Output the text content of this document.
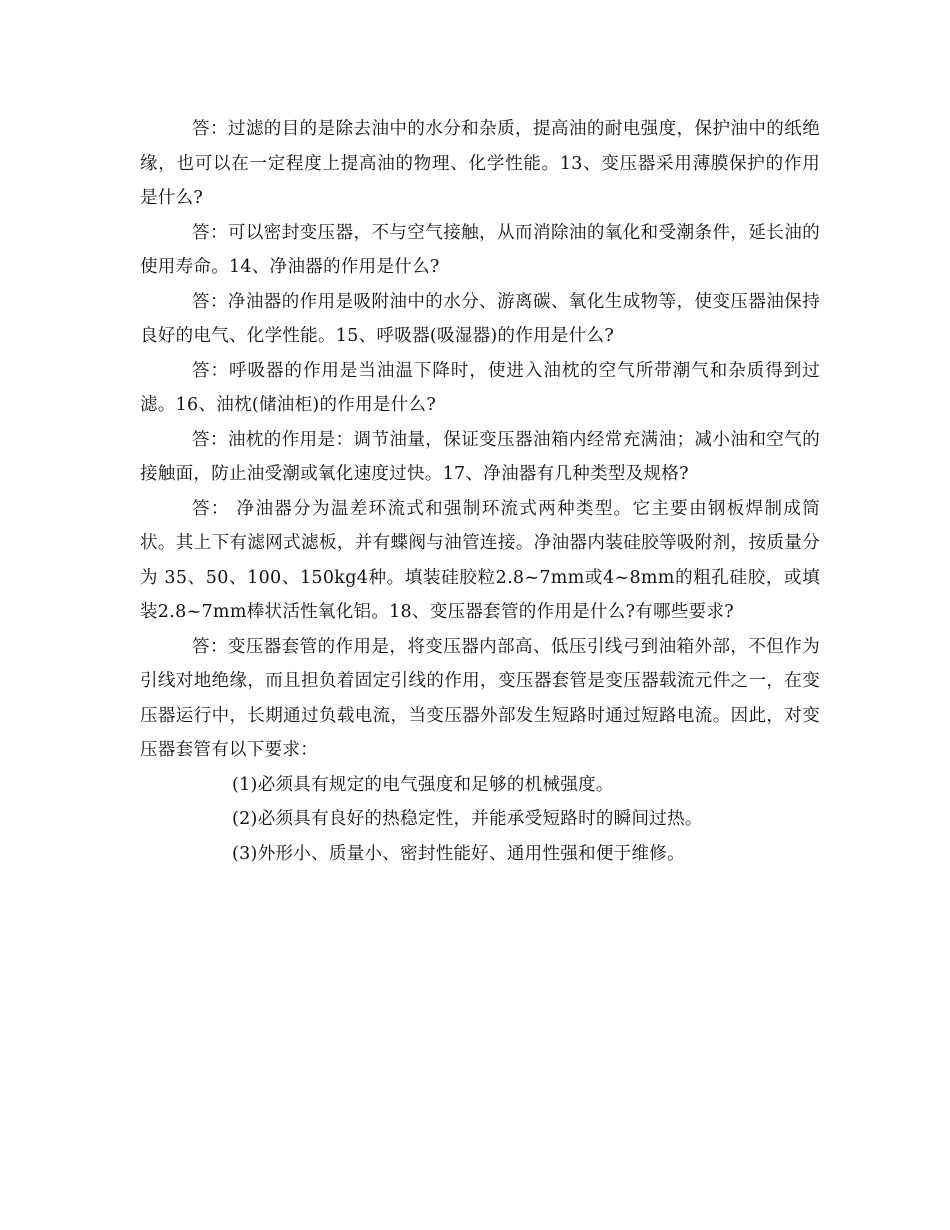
答：过滤的目的是除去油中的水分和杂质，提高油的耐电强度，保护油中的纸绝缘，也可以在一定程度上提高油的物理、化学性能。13、变压器采用薄膜保护的作用是什么?

答：可以密封变压器，不与空气接触，从而消除油的氧化和受潮条件，延长油的使用寿命。14、净油器的作用是什么?

答：净油器的作用是吸附油中的水分、游离碳、氧化生成物等，使变压器油保持良好的电气、化学性能。15、呼吸器(吸湿器)的作用是什么?

答：呼吸器的作用是当油温下降时，使进入油枕的空气所带潮气和杂质得到过滤。16、油枕(储油柜)的作用是什么?

答：油枕的作用是：调节油量，保证变压器油箱内经常充满油；减小油和空气的接触面，防止油受潮或氧化速度过快。17、净油器有几种类型及规格?

答： 净油器分为温差环流式和强制环流式两种类型。它主要由钢板焊制成筒状。其上下有滤网式滤板，并有蝶阀与油管连接。净油器内装硅胶等吸附剂，按质量分为 35、50、100、150kg4种。填装硅胶粒2.8~7mm或4~8mm的粗孔硅胶，或填装2.8~7mm棒状活性氧化铝。18、变压器套管的作用是什么?有哪些要求?

答：变压器套管的作用是，将变压器内部高、低压引线弓到油箱外部，不但作为引线对地绝缘，而且担负着固定引线的作用，变压器套管是变压器载流元件之一，在变压器运行中，长期通过负载电流，当变压器外部发生短路时通过短路电流。因此，对变压器套管有以下要求：

(1)必须具有规定的电气强度和足够的机械强度。

(2)必须具有良好的热稳定性，并能承受短路时的瞬间过热。

(3)外形小、质量小、密封性能好、通用性强和便于维修。
